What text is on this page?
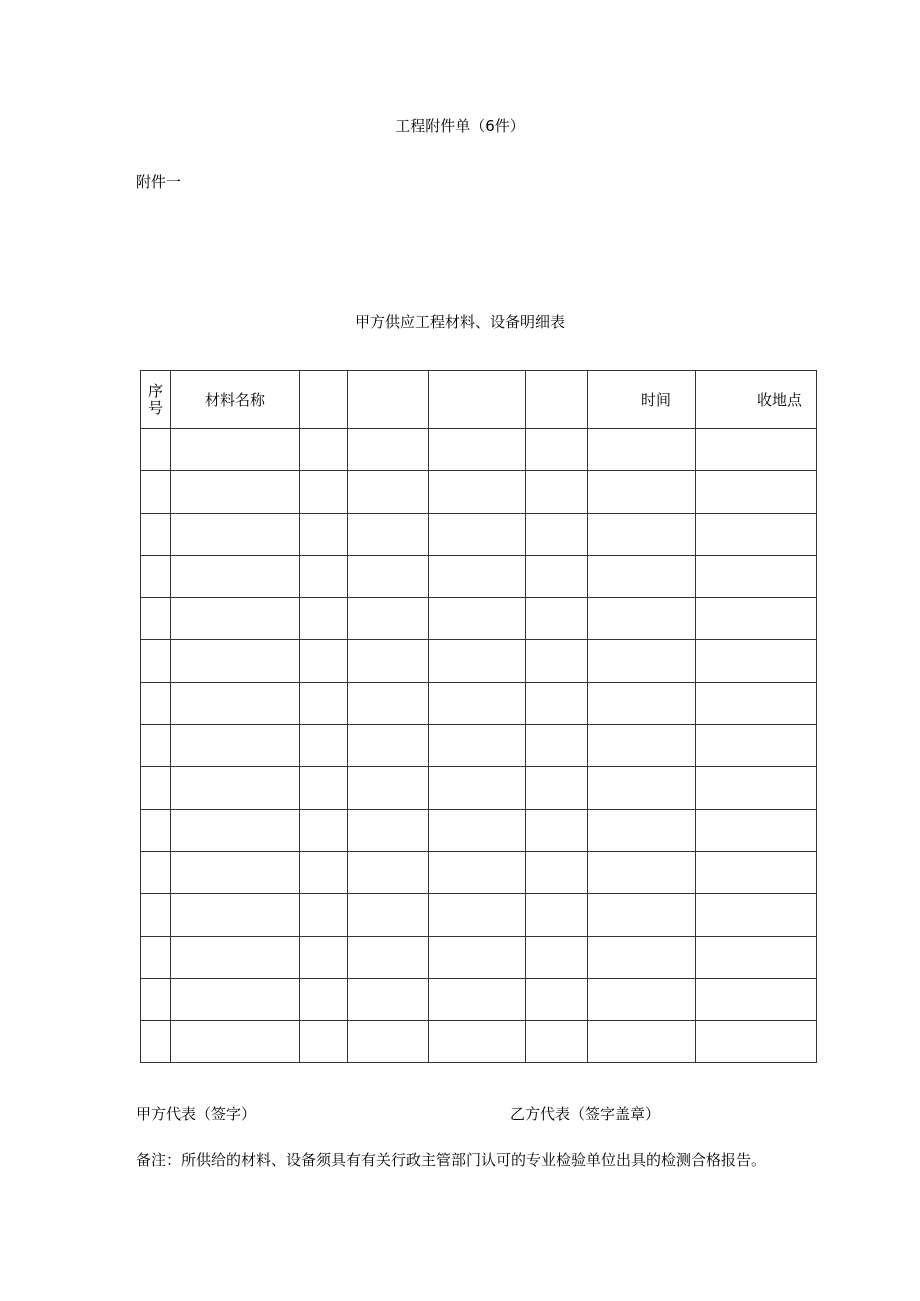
工程附件单（6件）
附件一
甲方供应工程材料、设备明细表
序
号	材料名称					时间	收地点

甲方代表（签字）	乙方代表（签字盖章）
备注：所供给的材料、设备须具有有关行政主管部门认可的专业检验单位出具的检测合格报告。
